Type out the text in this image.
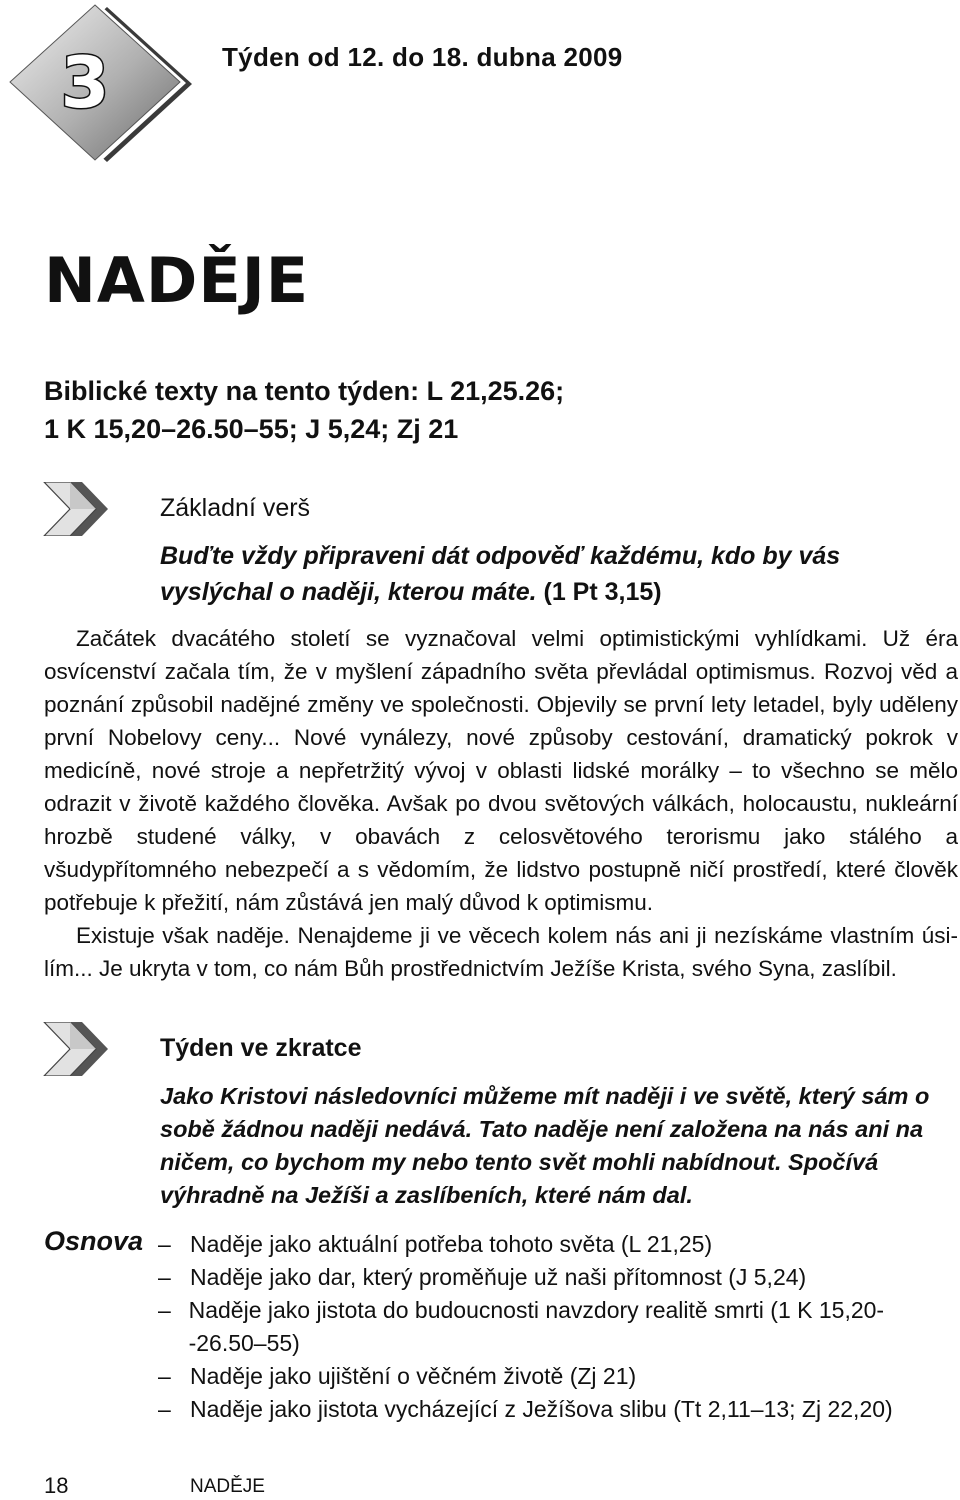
3	Týden od 12. do 18. dubna 2009
NADĚJE
Biblické texty na tento týden: L 21,25.26;
1 K 15,20–26.50–55; J 5,24; Zj 21
Základní verš
Buďte vždy připraveni dát odpověď každému, kdo by vás vyslýchal o naději, kterou máte. (1 Pt 3,15)

Začátek dvacátého století se vyznačoval velmi optimistickými vyhlídkami. Už éra osvícenství začala tím, že v myšlení západního světa převládal optimismus. Rozvoj věd a poznání způsobil nadějné změny ve společnosti. Objevily se první lety letadel, byly uděleny první Nobelovy ceny... Nové vynálezy, nové způsoby cestování, dramatický pokrok v medicíně, nové stroje a nepřetržitý vývoj v oblasti lidské morálky – to všechno se mělo odrazit v životě každého člověka. Avšak po dvou světových válkách, holocaustu, nukleární hrozbě studené války, v obavách z celosvětového terorismu jako stálého a všudypřítomného nebezpečí a s vědomím, že lidstvo postupně ničí prostředí, které člověk potřebuje k přežití, nám zůstává jen malý důvod k optimismu.

Existuje však naděje. Nenajdeme ji ve věcech kolem nás ani ji nezískáme vlastním úsilím... Je ukryta v tom, co nám Bůh prostřednictvím Ježíše Krista, svého Syna, zaslíbil.

Týden ve zkratce
Jako Kristovi následovníci můžeme mít naději i ve světě, který sám o sobě žádnou naději nedává. Tato naděje není založena na nás ani na ničem, co bychom my nebo tento svět mohli nabídnout. Spočívá výhradně na Ježíši a zaslíbeních, které nám dal.
Osnova – Naděje jako aktuální potřeba tohoto světa (L 21,25)
– Naděje jako dar, který proměňuje už naši přítomnost (J 5,24)
– Naděje jako jistota do budoucnosti navzdory realitě smrti (1 K 15,20--26.50–55)
– Naděje jako ujištění o věčném životě (Zj 21)
– Naděje jako jistota vycházející z Ježíšova slibu (Tt 2,11–13; Zj 22,20)
18	NADĚJE
